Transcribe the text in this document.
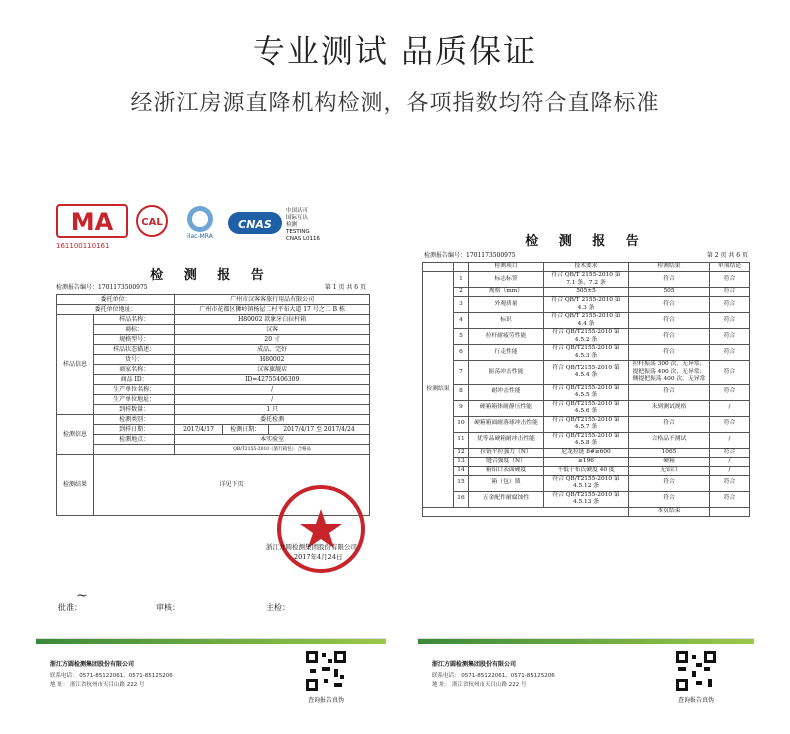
专业测试 品质保证
经浙江房源直降机构检测，各项指数均符合直降标准
MA	CAL
ilac-MRA
CNAS
中国认可
国际互认
检测
TESTING
CNAS L0116
161100110161
检 测 报 告
检测报告编号：1701173500975	第 1 页 共 6 页
委托单位：		广州市汉客客旅行用品有限公司		
委托单位地址：		广州市花都区狮岭镇杨屋二村平布大道 17 号之二 B 栋		
样品信息	样品名称：	H80002 款象牙白拉杆箱		
	商标：	汉客		
	规格型号：	20 寸		
	样品状态描述：	成品，完好		
	货号：	H80002		
	商家名称：	汉客旗舰店		
	商品 ID：	ID=42755406309		
	生产单位名称：	/		
	生产单位地址：	/		
	到样数量：	1 只		
检测信息	检测类别：	委托检测		
	到样日期：	2017/4/17	检测日期：	2017/4/17 至 2017/4/24
	检测地点：	本实验室		
		QB/T2155-2010《旅行箱包》 合格品		
检测结果	详见下页			
浙江方圆检测集团股份有限公司
2017年4月24日
批准：
~
审核：	主检：
浙江方圆检测集团股份有限公司
联系电话： 0571-85122061、0571-85125206
地 址： 浙江省杭州市天目山路 222 号
查询报告真伪
检 测 报 告
检测报告编号：1701173500975	第 2 页 共 6 页
		检测项目	技术要求	检测结果	单项结论
检测结果	1	标志标签	符合 QB/T 2155-2010 第 7.1 条、7.2 条	符合	符合
	2	规格（mm）	505±5	505	符合
	3	外观质量	符合 QB/T 2155-2010 第 4.3 条	符合	符合
	4	标识	符合 QB/T 2155-2010 第 4.4 条	符合	符合
	5	拉杆耐疲劳性能	符合 QB/T2155-2010 第 4.5.2 条	符合	符合
	6	行走性能	符合 QB/T2155-2010 第 4.5.3 条	符合	符合
	7	振荡冲击性能	符合 QB/T2155-2010 第 4.5.4 条	拉杆振荡 300 次，无异常；提把振荡 400 次，无异常；侧提把振荡 400 次，无异常	符合
	8	耐冲击性能	符合 QB/T2155-2010 第 4.5.5 条	符合	符合
	9	硬箱箱体耐静压性能	符合 QB/T2155-2010 第 4.5.6 条	未到测试规格	/
	10	硬箱箱面耐落球冲击性能	符合 QB/T2155-2010 第 4.5.7 条	符合	符合
	11	优等品硬箱耐冲击性能	符合 QB/T2155-2010 第 4.5.8 条	合格品不测试	/
	12	拉链平拉强力（N）	尼龙拉链 8#≥600	1065	符合
	13	缝合强度（N）	≥196	硬箱	/
	14	箱铝口表面硬度	不低于布氏硬度 40 度	无铝口	/
	15	箱（包）锁	符合 QB/T2155-2010 第 4.5.12 条	符合	符合
	16	五金配件耐腐蚀性	符合 QB/T2155-2010 第 4.5.13 条	符合	符合
				本页结束	
浙江方圆检测集团股份有限公司
联系电话： 0571-85122061、0571-85125206
地 址： 浙江省杭州市天目山路 222 号
查询报告真伪
